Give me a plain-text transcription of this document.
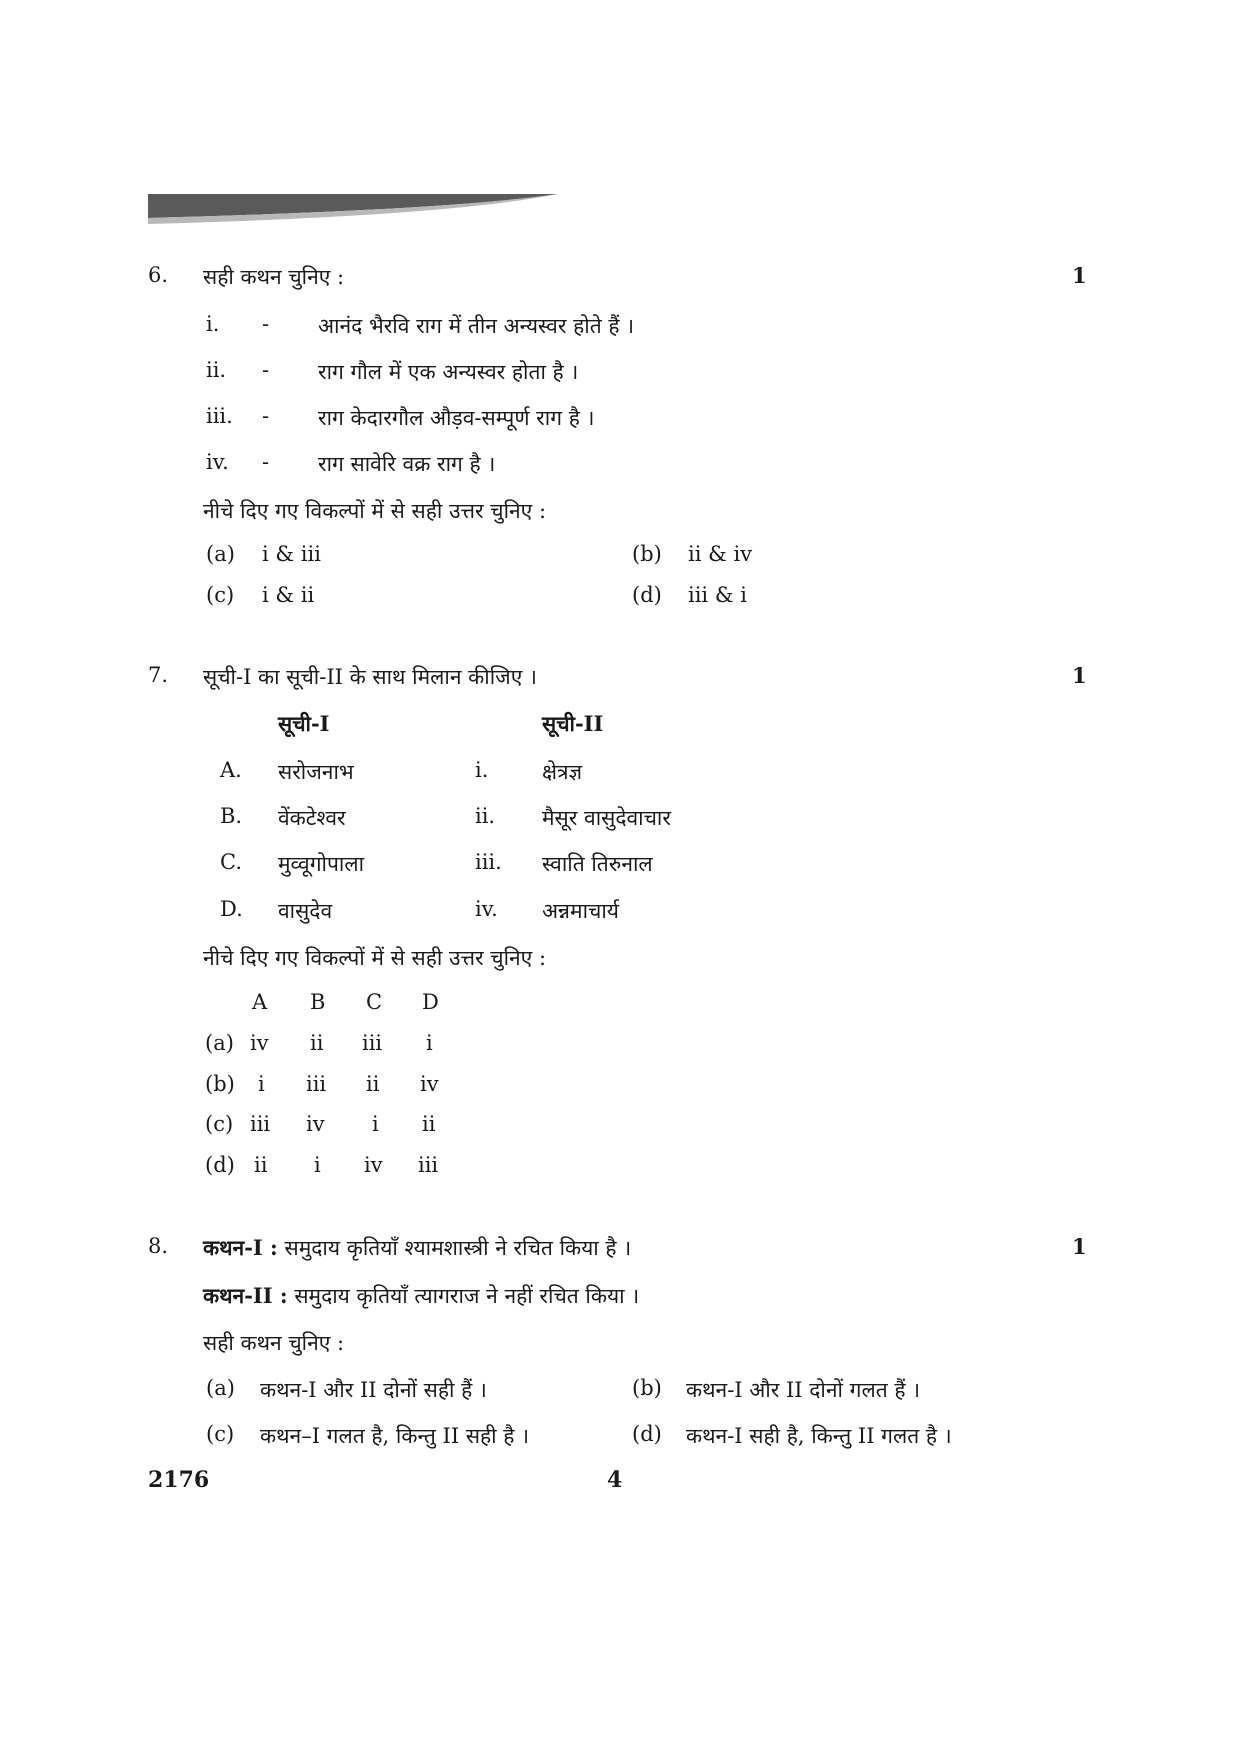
6. सही कथन चुनिए :	1
i. - आनंद भैरवि राग में तीन अन्यस्वर होते हैं ।
ii. - राग गौल में एक अन्यस्वर होता है ।
iii. - राग केदारगौल औड़व-सम्पूर्ण राग है ।
iv. - राग सावेरि वक्र राग है ।
नीचे दिए गए विकल्पों में से सही उत्तर चुनिए :
(a) i & iii	(b) ii & iv
(c) i & ii	(d) iii & i
7. सूची-I का सूची-II के साथ मिलान कीजिए ।	1
सूची-I	सूची-II
A. सरोजनाभ	i.	क्षेत्रज्ञ
B. वेंकटेश्वर	ii. मैसूर वासुदेवाचार
C. मुव्वूगोपाला	iii. स्वाति तिरुनाल
D. वासुदेव	iv. अन्नमाचार्य
नीचे दिए गए विकल्पों में से सही उत्तर चुनिए :
A B C D
(a) iv ii iii i
(b) i iii ii iv
(c) iii iv i ii
(d) ii i iv iii
8. कथन-I : समुदाय कृतियाँ श्यामशास्त्री ने रचित किया है ।	1
कथन-II : समुदाय कृतियाँ त्यागराज ने नहीं रचित किया ।
सही कथन चुनिए :
(a) कथन-I और II दोनों सही हैं ।	(b) कथन-I और II दोनों गलत हैं ।
(c) कथन–I गलत है, किन्तु II सही है ।	(d) कथन-I सही है, किन्तु II गलत है ।
2176	4
